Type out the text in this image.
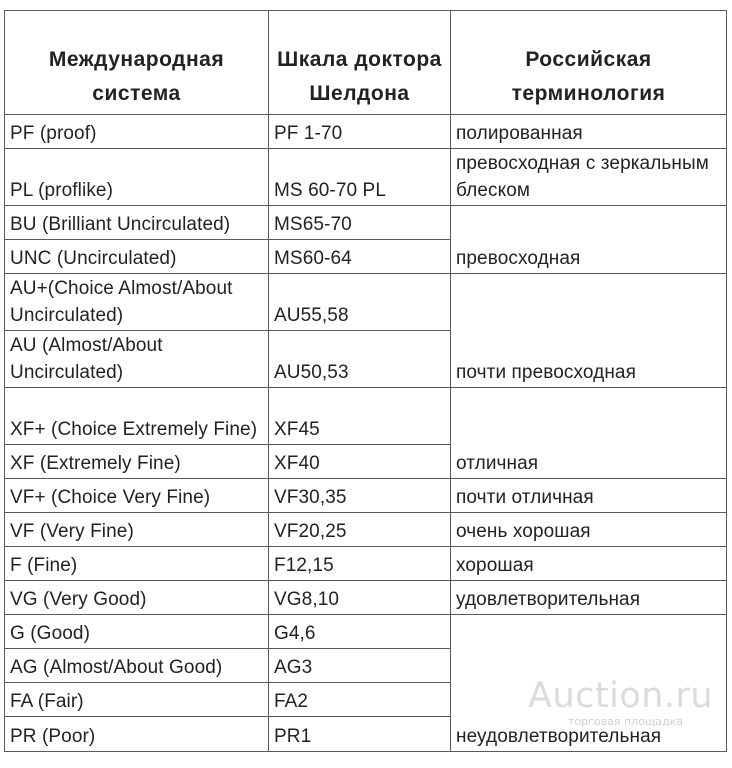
Международная система	Шкала доктора Шелдона	Российская терминология
PF (proof)	PF 1-70	полированная
PL (proflike)	MS 60-70 PL	превосходная с зеркальным блеском
BU (Brilliant Uncirculated)	MS65-70	превосходная
UNC (Uncirculated)	MS60-64	
AU+(Choice Almost/About Uncirculated)	AU55,58	почти превосходная
AU (Almost/About Uncirculated)	AU50,53	
XF+ (Choice Extremely Fine)	XF45	отличная
XF (Extremely Fine)	XF40	
VF+ (Choice Very Fine)	VF30,35	почти отличная
VF (Very Fine)	VF20,25	очень хорошая
F (Fine)	F12,15	хорошая
VG (Very Good)	VG8,10	удовлетворительная
G (Good)	G4,6	неудовлетворительная
AG (Almost/About Good)	AG3	
FA (Fair)	FA2	
PR (Poor)	PR1	
Auction.ru
торговая площадка
